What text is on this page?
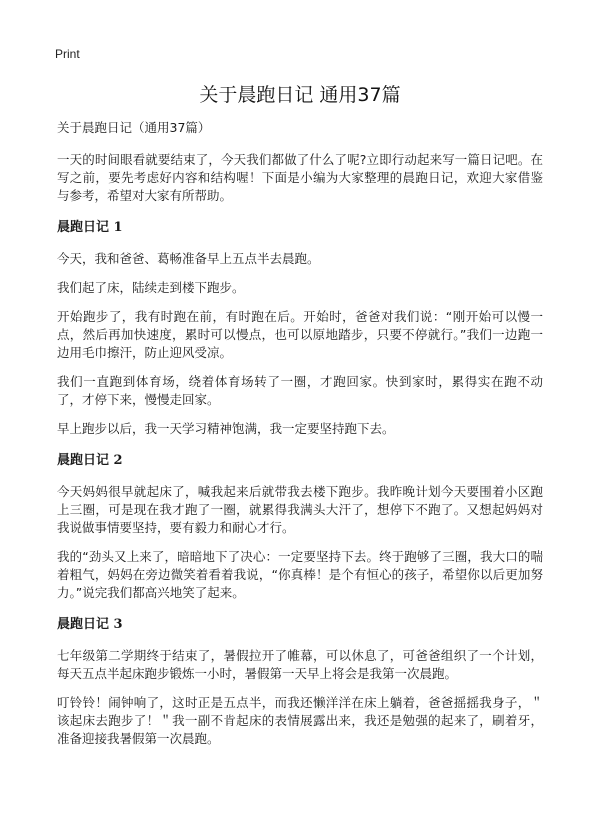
Print
关于晨跑日记 通用37篇

关于晨跑日记（通用37篇）

一天的时间眼看就要结束了，今天我们都做了什么了呢?立即行动起来写一篇日记吧。在写之前，要先考虑好内容和结构喔！下面是小编为大家整理的晨跑日记，欢迎大家借鉴与参考，希望对大家有所帮助。

晨跑日记 1

今天，我和爸爸、葛畅准备早上五点半去晨跑。

我们起了床，陆续走到楼下跑步。

开始跑步了，我有时跑在前，有时跑在后。开始时，爸爸对我们说：“刚开始可以慢一点，然后再加快速度，累时可以慢点，也可以原地踏步，只要不停就行。”我们一边跑一边用毛巾擦汗，防止迎风受凉。

我们一直跑到体育场，绕着体育场转了一圈，才跑回家。快到家时，累得实在跑不动了，才停下来，慢慢走回家。

早上跑步以后，我一天学习精神饱满，我一定要坚持跑下去。

晨跑日记 2

今天妈妈很早就起床了，喊我起来后就带我去楼下跑步。我昨晚计划今天要围着小区跑上三圈，可是现在我才跑了一圈，就累得我满头大汗了，想停下不跑了。又想起妈妈对我说做事情要坚持，要有毅力和耐心才行。

我的“劲头又上来了，暗暗地下了决心：一定要坚持下去。终于跑够了三圈，我大口的喘着粗气，妈妈在旁边微笑着看着我说，“你真棒！是个有恒心的孩子，希望你以后更加努力。”说完我们都高兴地笑了起来。

晨跑日记 3

七年级第二学期终于结束了，暑假拉开了帷幕，可以休息了，可爸爸组织了一个计划，每天五点半起床跑步锻炼一小时，暑假第一天早上将会是我第一次晨跑。

叮铃铃！闹钟响了，这时正是五点半，而我还懒洋洋在床上躺着，爸爸摇摇我身子，＂该起床去跑步了！＂我一副不肯起床的表情展露出来，我还是勉强的起来了，刷着牙，准备迎接我暑假第一次晨跑。
